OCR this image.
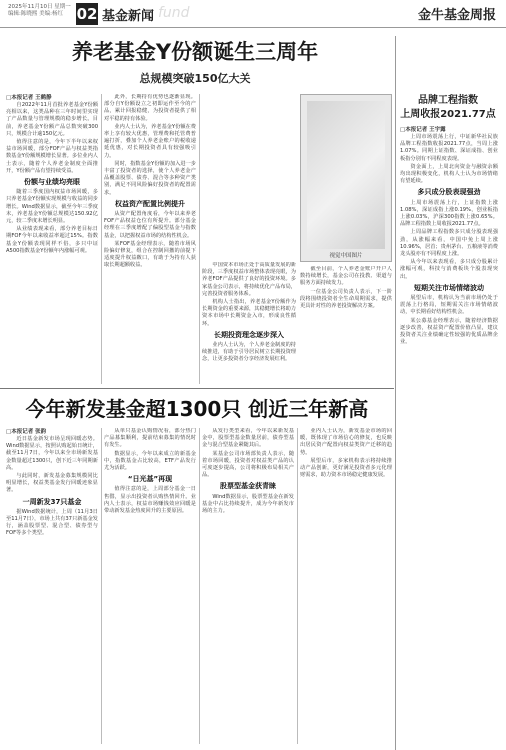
2025年11月10日 星期一 编辑:陈晓熙 美编:杨红 02 基金新闻 fund	金牛基金周报
养老基金Y份额诞生三周年
总规模突破150亿大关
□本报记者 王鹤静

自2022年11月首批养老基金Y份额亮相以来，这类品种在三年时间里实现了产品数量与管理规模的稳步增长。目前，养老基金Y份额产品总数突破300只，规模合计逾150亿元。

值得注意的是，今年下半年以来权益市场回暖，部分FOF产品与权益类指数基金Y份额规模增长显著。多位业内人士表示，随着个人养老金制度全面推开，Y份额产品有望持续受益。

份额与业绩均亮眼

随着三季度国内权益市场回暖，多只养老基金Y份额实现规模与收益的同步增长。Wind数据显示，截至今年三季度末，养老基金Y份额总规模达150.92亿元，较二季度末增长明显。

从业绩表现来看，部分养老目标日期FOF今年以来收益率超过15%。指数基金Y份额表现同样不俗，多只中证A500指数基金Y份额年内涨幅可观。

此外，长期持有优势也逐渐显现。部分自Y份额设立之初即运作至今的产品，累计回报稳健，为投资者提供了相对平稳的持有体验。

业内人士认为，养老基金Y份额在费率上享有较大优惠，管理费和托管费普遍打折，叠加个人养老金账户的税收递延优惠，对长期投资者具有较强吸引力。

同时，指数基金Y份额的加入进一步丰富了投资者的选择，使个人养老金产品覆盖股票、债券、混合等多种资产类别，满足不同风险偏好投资者的配置需求。

权益资产配置比例提升

从资产配置角度看，今年以来养老FOF产品权益仓位有所提升。部分基金经理在三季度增配了偏股型基金与指数基金，以把握权益市场的结构性机会。

某FOF基金经理表示，随着市场风险偏好修复，组合在控制回撤的前提下适度提升权益敞口，有助于为持有人获取长期超额收益。

视觉中国图片

中国资本市场正处于高质量发展的新阶段，三季度权益市场整体表现亮眼，为养老FOF产品提供了良好的投资环境。多家基金公司表示，将持续优化产品布局，完善投资者服务体系。

机构人士指出，养老基金Y份额作为长期资金的重要来源，其稳健增长将助力资本市场中长期资金入市，形成良性循环。

长期投资理念逐步深入

业内人士认为，个人养老金制度的持续推进，有助于引导居民树立长期投资理念，让更多投资者分享经济发展红利。

截至目前，个人养老金账户开户人数持续增长，基金公司在投教、渠道与服务方面持续发力。

一位基金公司负责人表示，下一阶段将围绕投资者全生命周期需求，提供更具针对性的养老投资解决方案。

品牌工程指数
上周收报2021.77点
□本报记者 王宇露

上周市场震荡上行，中证新华社民族品牌工程指数收报2021.77点，当周上涨1.07%。同期上证指数、深证成指、创业板指分别有不同程度表现。

资金面上，上周北向资金与融资余额均出现积极变化，机构人士认为市场情绪有望延续。

多只成分股表现强劲

上周市场震荡上行，上证指数上涨1.08%，深证成指上涨0.19%，创业板指上涨0.03%，沪深300指数上涨0.65%。品牌工程指数上周收报2021.77点。

上周品牌工程指数多只成分股表现强劲，从涨幅来看，中国中免上周上涨10.96%，居首；贵州茅台、五粮液等消费龙头股亦有不同程度上涨。

从今年以来表现看，多只成分股累计涨幅可观，科技与消费板块个股表现突出。

短期关注市场情绪波动

展望后市，机构认为当前市场仍处于震荡上行格局，短期需关注市场情绪波动，中长期看好结构性机会。

某公募基金经理表示，随着经济数据逐步改善，权益资产配置价值凸显，建议投资者关注业绩确定性较强的优质品牌企业。

今年新发基金超1300只 创近三年新高
□本报记者 张韵

近日基金新发市场呈现回暖态势。Wind数据显示，按照认购起始日统计，截至11月7日，今年以来全市场新发基金数量超过1300只，创下近三年同期新高。

与此同时，新发基金募集规模同比明显增长，权益类基金发行回暖迹象显著。

一周新发37只基金

据Wind数据统计，上周（11月3日至11月7日），市场上共有37只新基金发行，涵盖股票型、混合型、债券型与FOF等多个类型。

从单只基金认购情况看，部分热门产品募集顺利，提前结束募集的情况时有发生。

数据显示，今年以来成立的新基金中，指数基金占比较高，ETF产品发行尤为活跃。

“日光基”再现

值得注意的是，上周部分基金一日售罄，显示出投资者认购热情回升。业内人士表示，权益市场赚钱效应回暖是带动新发基金热度回升的主要原因。

从发行类型来看，今年以来新发基金中，股票型基金数量居前，债券型基金与混合型基金紧随其后。

某基金公司市场部负责人表示，随着市场回暖，投资者对权益类产品的认可度逐步提高，公司将积极布局相关产品。

股票型基金获青睐

Wind数据显示，股票型基金在新发基金中占比持续提升，成为今年新发市场的主力。

业内人士认为，新发基金市场的回暖，既体现了市场信心的修复，也反映出居民资产配置向权益类资产迁移的趋势。

展望后市，多家机构表示将持续推动产品创新，更好满足投资者多元化理财需求，助力资本市场稳定健康发展。
